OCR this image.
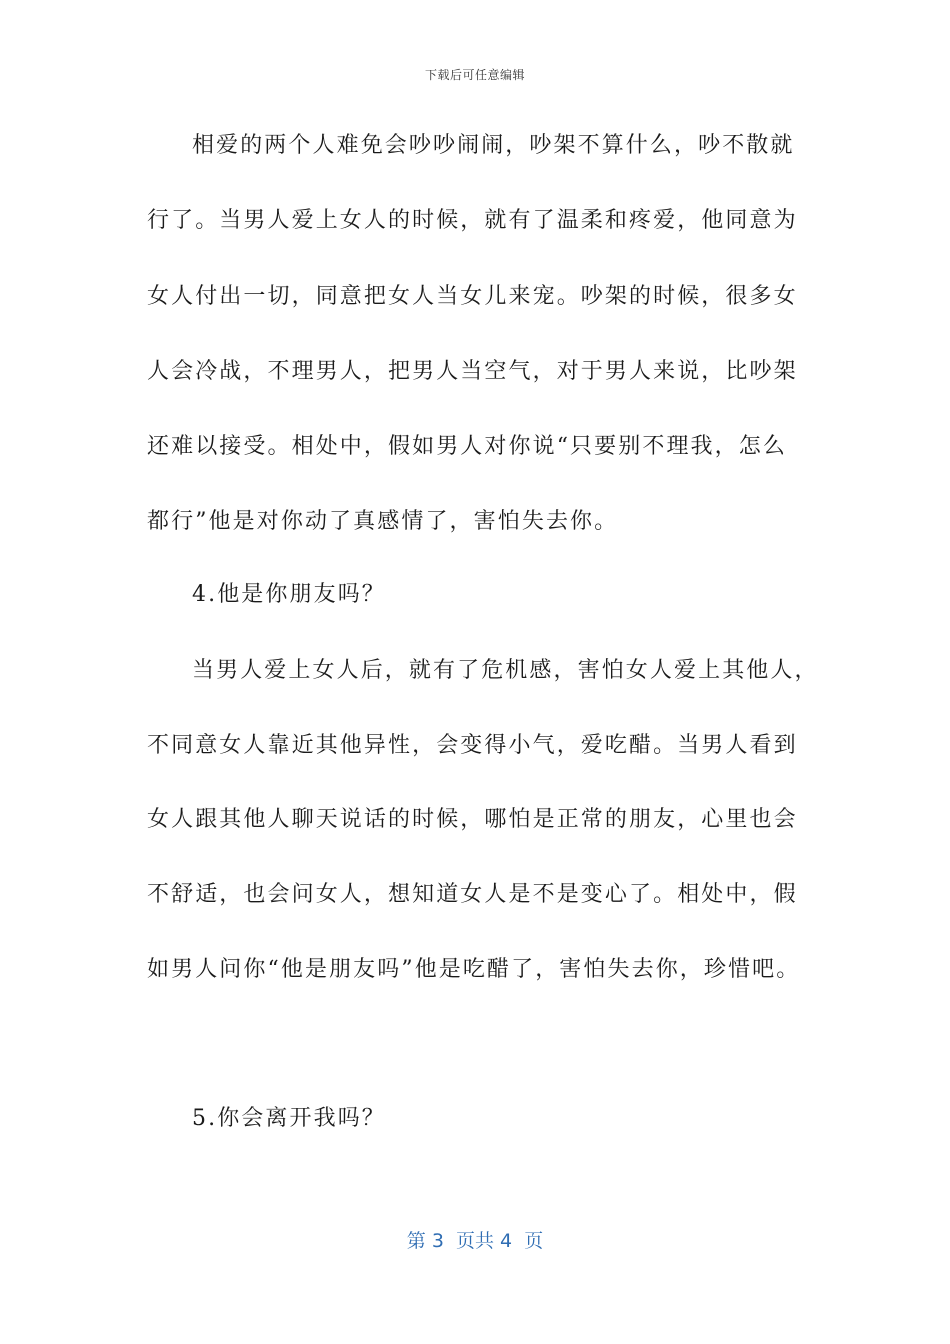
下载后可任意编辑
相爱的两个人难免会吵吵闹闹，吵架不算什么，吵不散就
行了。当男人爱上女人的时候，就有了温柔和疼爱，他同意为
女人付出一切，同意把女人当女儿来宠。吵架的时候，很多女
人会冷战，不理男人，把男人当空气，对于男人来说，比吵架
还难以接受。相处中，假如男人对你说“只要别不理我，怎么
都行”他是对你动了真感情了，害怕失去你。
4.他是你朋友吗？
当男人爱上女人后，就有了危机感，害怕女人爱上其他人，
不同意女人靠近其他异性，会变得小气，爱吃醋。当男人看到
女人跟其他人聊天说话的时候，哪怕是正常的朋友，心里也会
不舒适，也会问女人，想知道女人是不是变心了。相处中，假
如男人问你“他是朋友吗”他是吃醋了，害怕失去你，珍惜吧。
5.你会离开我吗？
第 3  页共 4  页
